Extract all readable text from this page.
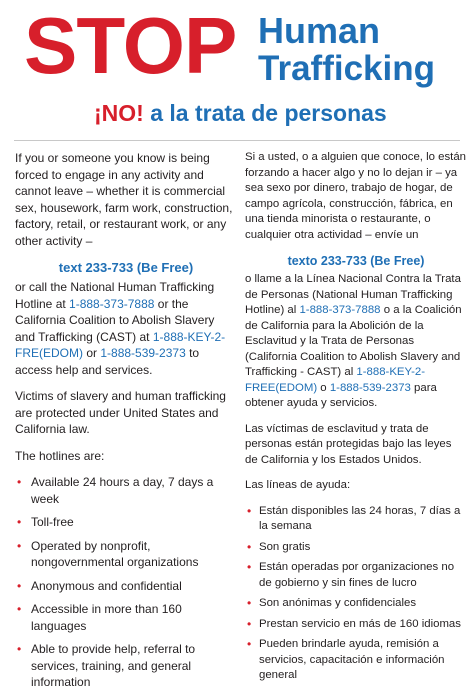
STOP Human
Trafficking
¡NO! a la trata de personas

If you or someone you know is being forced to engage in any activity and cannot leave – whether it is commercial sex, housework, farm work, construction, factory, retail, or restaurant work, or any other activity –

text 233-733 (Be Free)

or call the National Human Trafficking Hotline at 1-888-373-7888 or the California Coalition to Abolish Slavery and Trafficking (CAST) at 1-888-KEY-2-FRE(EDOM) or 1-888-539-2373 to access help and services.

Victims of slavery and human trafficking are protected under United States and California law.

The hotlines are:

• Available 24 hours a day, 7 days a week
• Toll-free
• Operated by nonprofit, nongovernmental organizations
• Anonymous and confidential
• Accessible in more than 160 languages
• Able to provide help, referral to services, training, and general information

Si a usted, o a alguien que conoce, lo están forzando a hacer algo y no lo dejan ir – ya sea sexo por dinero, trabajo de hogar, de campo agrícola, construcción, fábrica, en una tienda minorista o restaurante, o cualquier otra actividad – envíe un

texto 233-733 (Be Free)

o llame a la Línea Nacional Contra la Trata de Personas (National Human Trafficking Hotline) al 1-888-373-7888 o a la Coalición de California para la Abolición de la Esclavitud y la Trata de Personas (California Coalition to Abolish Slavery and Trafficking - CAST) al 1-888-KEY-2-FREE(EDOM) o 1-888-539-2373 para obtener ayuda y servicios.

Las víctimas de esclavitud y trata de personas están protegidas bajo las leyes de California y los Estados Unidos.

Las líneas de ayuda:

• Están disponibles las 24 horas, 7 días a la semana
• Son gratis
• Están operadas por organizaciones no de gobierno y sin fines de lucro
• Son anónimas y confidenciales
• Prestan servicio en más de 160 idiomas
• Pueden brindarle ayuda, remisión a servicios, capacitación e información general
